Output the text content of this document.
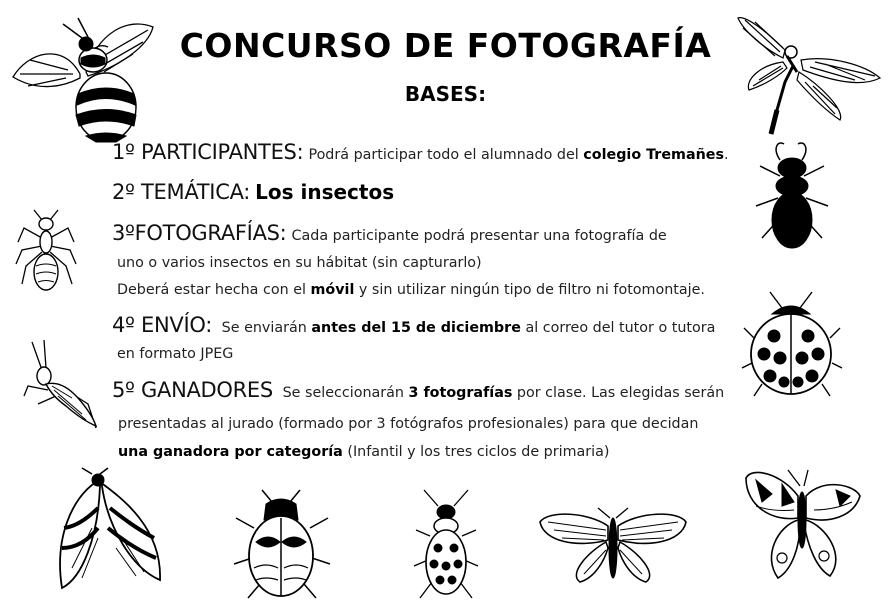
CONCURSO DE FOTOGRAFÍA
BASES:
1º PARTICIPANTES: Podrá participar todo el alumnado del colegio Tremañes.
2º TEMÁTICA: Los insectos
3ºFOTOGRAFÍAS: Cada participante podrá presentar una fotografía de
uno o varios insectos en su hábitat (sin capturarlo)
Deberá estar hecha con el móvil y sin utilizar ningún tipo de filtro ni fotomontaje.
4º ENVÍO: Se enviarán antes del 15 de diciembre al correo del tutor o tutora
en formato JPEG
5º GANADORES Se seleccionarán 3 fotografías por clase. Las elegidas serán
presentadas al jurado (formado por 3 fotógrafos profesionales) para que decidan
una ganadora por categoría (Infantil y los tres ciclos de primaria)
